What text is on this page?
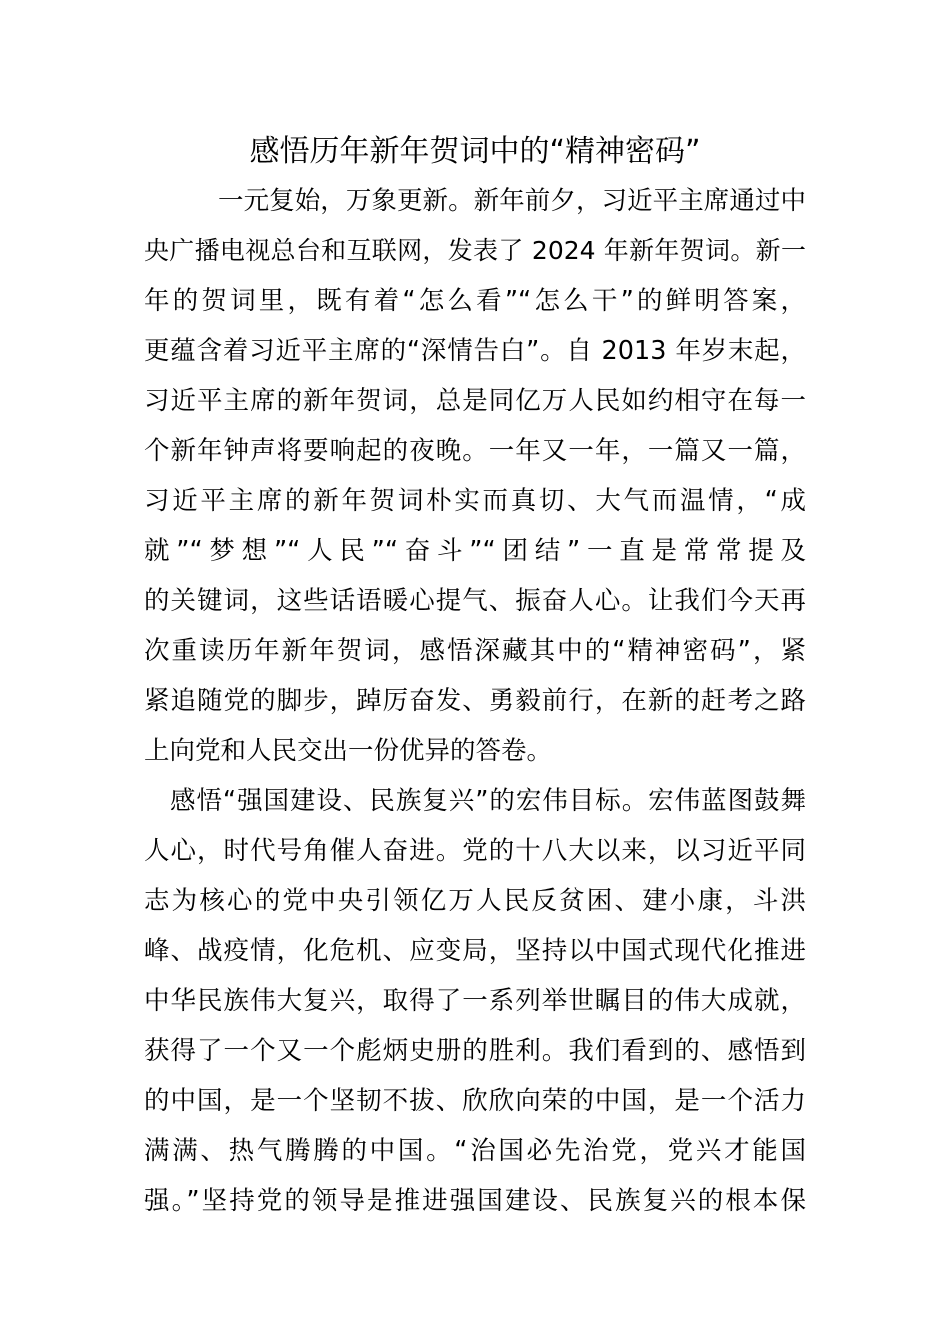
感悟历年新年贺词中的“精神密码”

一元复始，万象更新。新年前夕，习近平主席通过中

央广播电视总台和互联网，发表了 2024 年新年贺词。新一

年的贺词里，既有着“怎么看”“怎么干”的鲜明答案，

更蕴含着习近平主席的“深情告白”。自 2013 年岁末起，

习近平主席的新年贺词，总是同亿万人民如约相守在每一

个新年钟声将要响起的夜晚。一年又一年，一篇又一篇，

习近平主席的新年贺词朴实而真切、大气而温情，“成

就”“梦想”“人民”“奋斗”“团结”一直是常常提及

的关键词，这些话语暖心提气、振奋人心。让我们今天再

次重读历年新年贺词，感悟深藏其中的“精神密码”，紧

紧追随党的脚步，踔厉奋发、勇毅前行，在新的赶考之路

上向党和人民交出一份优异的答卷。

感悟“强国建设、民族复兴”的宏伟目标。宏伟蓝图鼓舞

人心，时代号角催人奋进。党的十八大以来，以习近平同

志为核心的党中央引领亿万人民反贫困、建小康，斗洪

峰、战疫情，化危机、应变局，坚持以中国式现代化推进

中华民族伟大复兴，取得了一系列举世瞩目的伟大成就，

获得了一个又一个彪炳史册的胜利。我们看到的、感悟到

的中国，是一个坚韧不拔、欣欣向荣的中国，是一个活力

满满、热气腾腾的中国。“治国必先治党，党兴才能国

强。”坚持党的领导是推进强国建设、民族复兴的根本保
